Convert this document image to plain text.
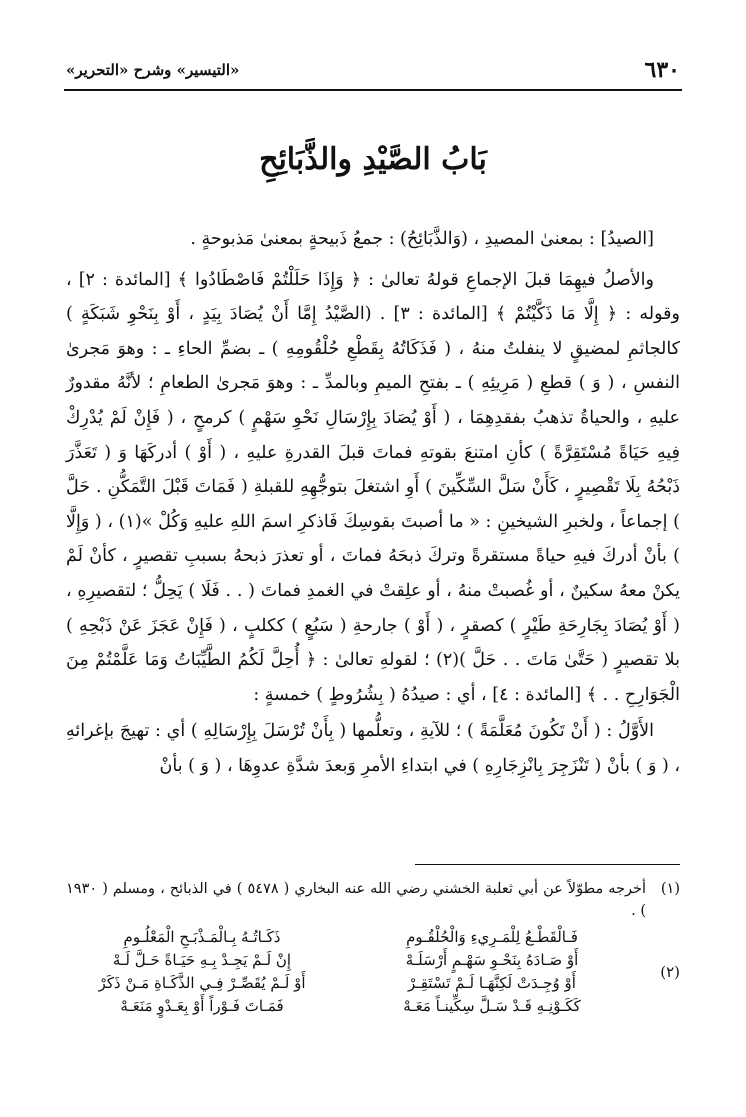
٦٣٠
«التيسير» وشرح «التحرير»
بَابُ الصَّيْدِ والذَّبَائِحِ

[الصيدُ] : بمعنىٰ المصيدِ ، (وَالذَّبَائِحُ) : جمعُ ذَبيحةٍ بمعنىٰ مَذبوحةٍ .

والأصلُ فيهِمَا قبلَ الإجماعِ قولهُ تعالىٰ : ﴿ وَإِذَا حَلَلْتُمْ فَاصْطَادُوا ﴾ [المائدة : ٢] ، وقوله : ﴿ إِلَّا مَا ذَكَّيْتُمْ ﴾ [المائدة : ٣] . (الصَّيْدُ إِمَّا أَنْ يُصَادَ بِيَدٍ ، أَوْ بِنَحْوِ شَبَكَةٍ ) كالجاثمِ لمضيقٍ لا ينفلتُ منهُ ، ( فَذَكَاتُهُ بِقَطْعِ حُلْقُومِهِ ) ـ بضمِّ الحاءِ ـ : وهوَ مَجرىٰ النفسِ ، ( وَ ) قطعِ ( مَرِيئِهِ ) ـ بفتحِ الميمِ وبالمدِّ ـ : وهوَ مَجرىٰ الطعامِ ؛ لأنَّهُ مقدورٌ عليهِ ، والحياةُ تذهبُ بفقدِهِمَا ، ( أَوْ يُصَادَ بِإِرْسَالِ نَحْوِ سَهْمٍ ) كرمحٍ ، ( فَإِنْ لَمْ يُدْرِكْ فِيهِ حَيَاةً مُسْتَقِرَّةً ) كأنِ امتنعَ بقوتهِ فماتَ قبلَ القدرةِ عليهِ ، ( أَوْ ) أدركَهَا وَ ( تَعَذَّرَ ذَبْحُهُ بِلَا تَقْصِيرٍ ، كَأَنْ سَلَّ السِّكِّينَ ) أَوِ اشتغلَ بتوجُّهِهِ للقبلةِ ( فَمَاتَ قَبْلَ التَّمَكُّنِ . حَلَّ ) إجماعاً ، ولخبرِ الشيخينِ : « ما أصبتَ بقوسِكَ فَاذكرِ اسمَ اللهِ عليهِ وَكُلْ »(١) ، ( وَإِلَّا ) بأنْ أدركَ فيهِ حياةً مستقرةً وتركَ ذبحَهُ فماتَ ، أو تعذرَ ذبحهُ بسببِ تقصيرٍ ، كأنْ لَمْ يكنْ معهُ سكينٌ ، أو غُصبتْ منهُ ، أو علِقتْ في الغمدِ فماتَ ( . . فَلَا ) يَحِلُّ ؛ لتقصيرِهِ ، ( أَوْ يُصَادَ بِجَارِحَةِ طَيْرٍ ) كصقرٍ ، ( أَوْ ) جارحةِ ( سَبُعٍ ) ككلبٍ ، ( فَإِنْ عَجَزَ عَنْ ذَبْحِهِ ) بلا تقصيرٍ ( حَتَّىٰ مَاتَ . . حَلَّ )(٢) ؛ لقولهِ تعالىٰ : ﴿ أُحِلَّ لَكُمُ الطَّيِّبَاتُ وَمَا عَلَّمْتُمْ مِنَ الْجَوَارِحِ . . ﴾ [المائدة : ٤] ، أي : صيدُهُ ( بِشُرُوطٍ ) خمسةٍ :

الأَوَّلُ : ( أَنْ تَكُونَ مُعَلَّمَةً ) ؛ للآيةِ ، وتعلُّمها ( بِأَنْ تُرْسَلَ بِإِرْسَالِهِ ) أي : تهيجَ بإغرائهِ ، ( وَ ) بأنْ ( تَنْزَجِرَ بِانْزِجَارِهِ ) في ابتداءِ الأمرِ وَبعدَ شدَّةِ عدوِهَا ، ( وَ ) بأنْ

(١)
أخرجه مطوّلاً عن أبي ثعلبة الخشني رضي الله عنه البخاري ( ٥٤٧٨ ) في الذبائح ، ومسلم ( ١٩٣٠ ) .
(٢)
فَـالْقَطْـعُ لِلْمَـرِيءِ وَالْحُلْقُـومِ
أَوْ صَـادَهُ بِنَحْـوِ سَهْـمٍ أَرْسَلَـهْ
أَوْ وُجِـدَتْ لَكِنَّهَـا لَـمْ تَسْتَقِـرْ
كَكَـوْنِـهِ قَـدْ سَـلَّ سِكِّينـاً مَعَـهْ
ذَكَـاتُـهُ بِـالْمَـذْبَـحِ الْمَعْلُـومِ
إِنْ لَـمْ يَجِـدْ بِـهِ حَيَـاةً حَـلَّ لَـهْ
أَوْ لَـمْ يُقَصِّـرْ فِـي الذَّكَـاةِ مَـنْ ذَكَرْ
فَمَـاتَ فَـوْراً أَوْ بِعَـدْوٍ مَنَعَـهْ
